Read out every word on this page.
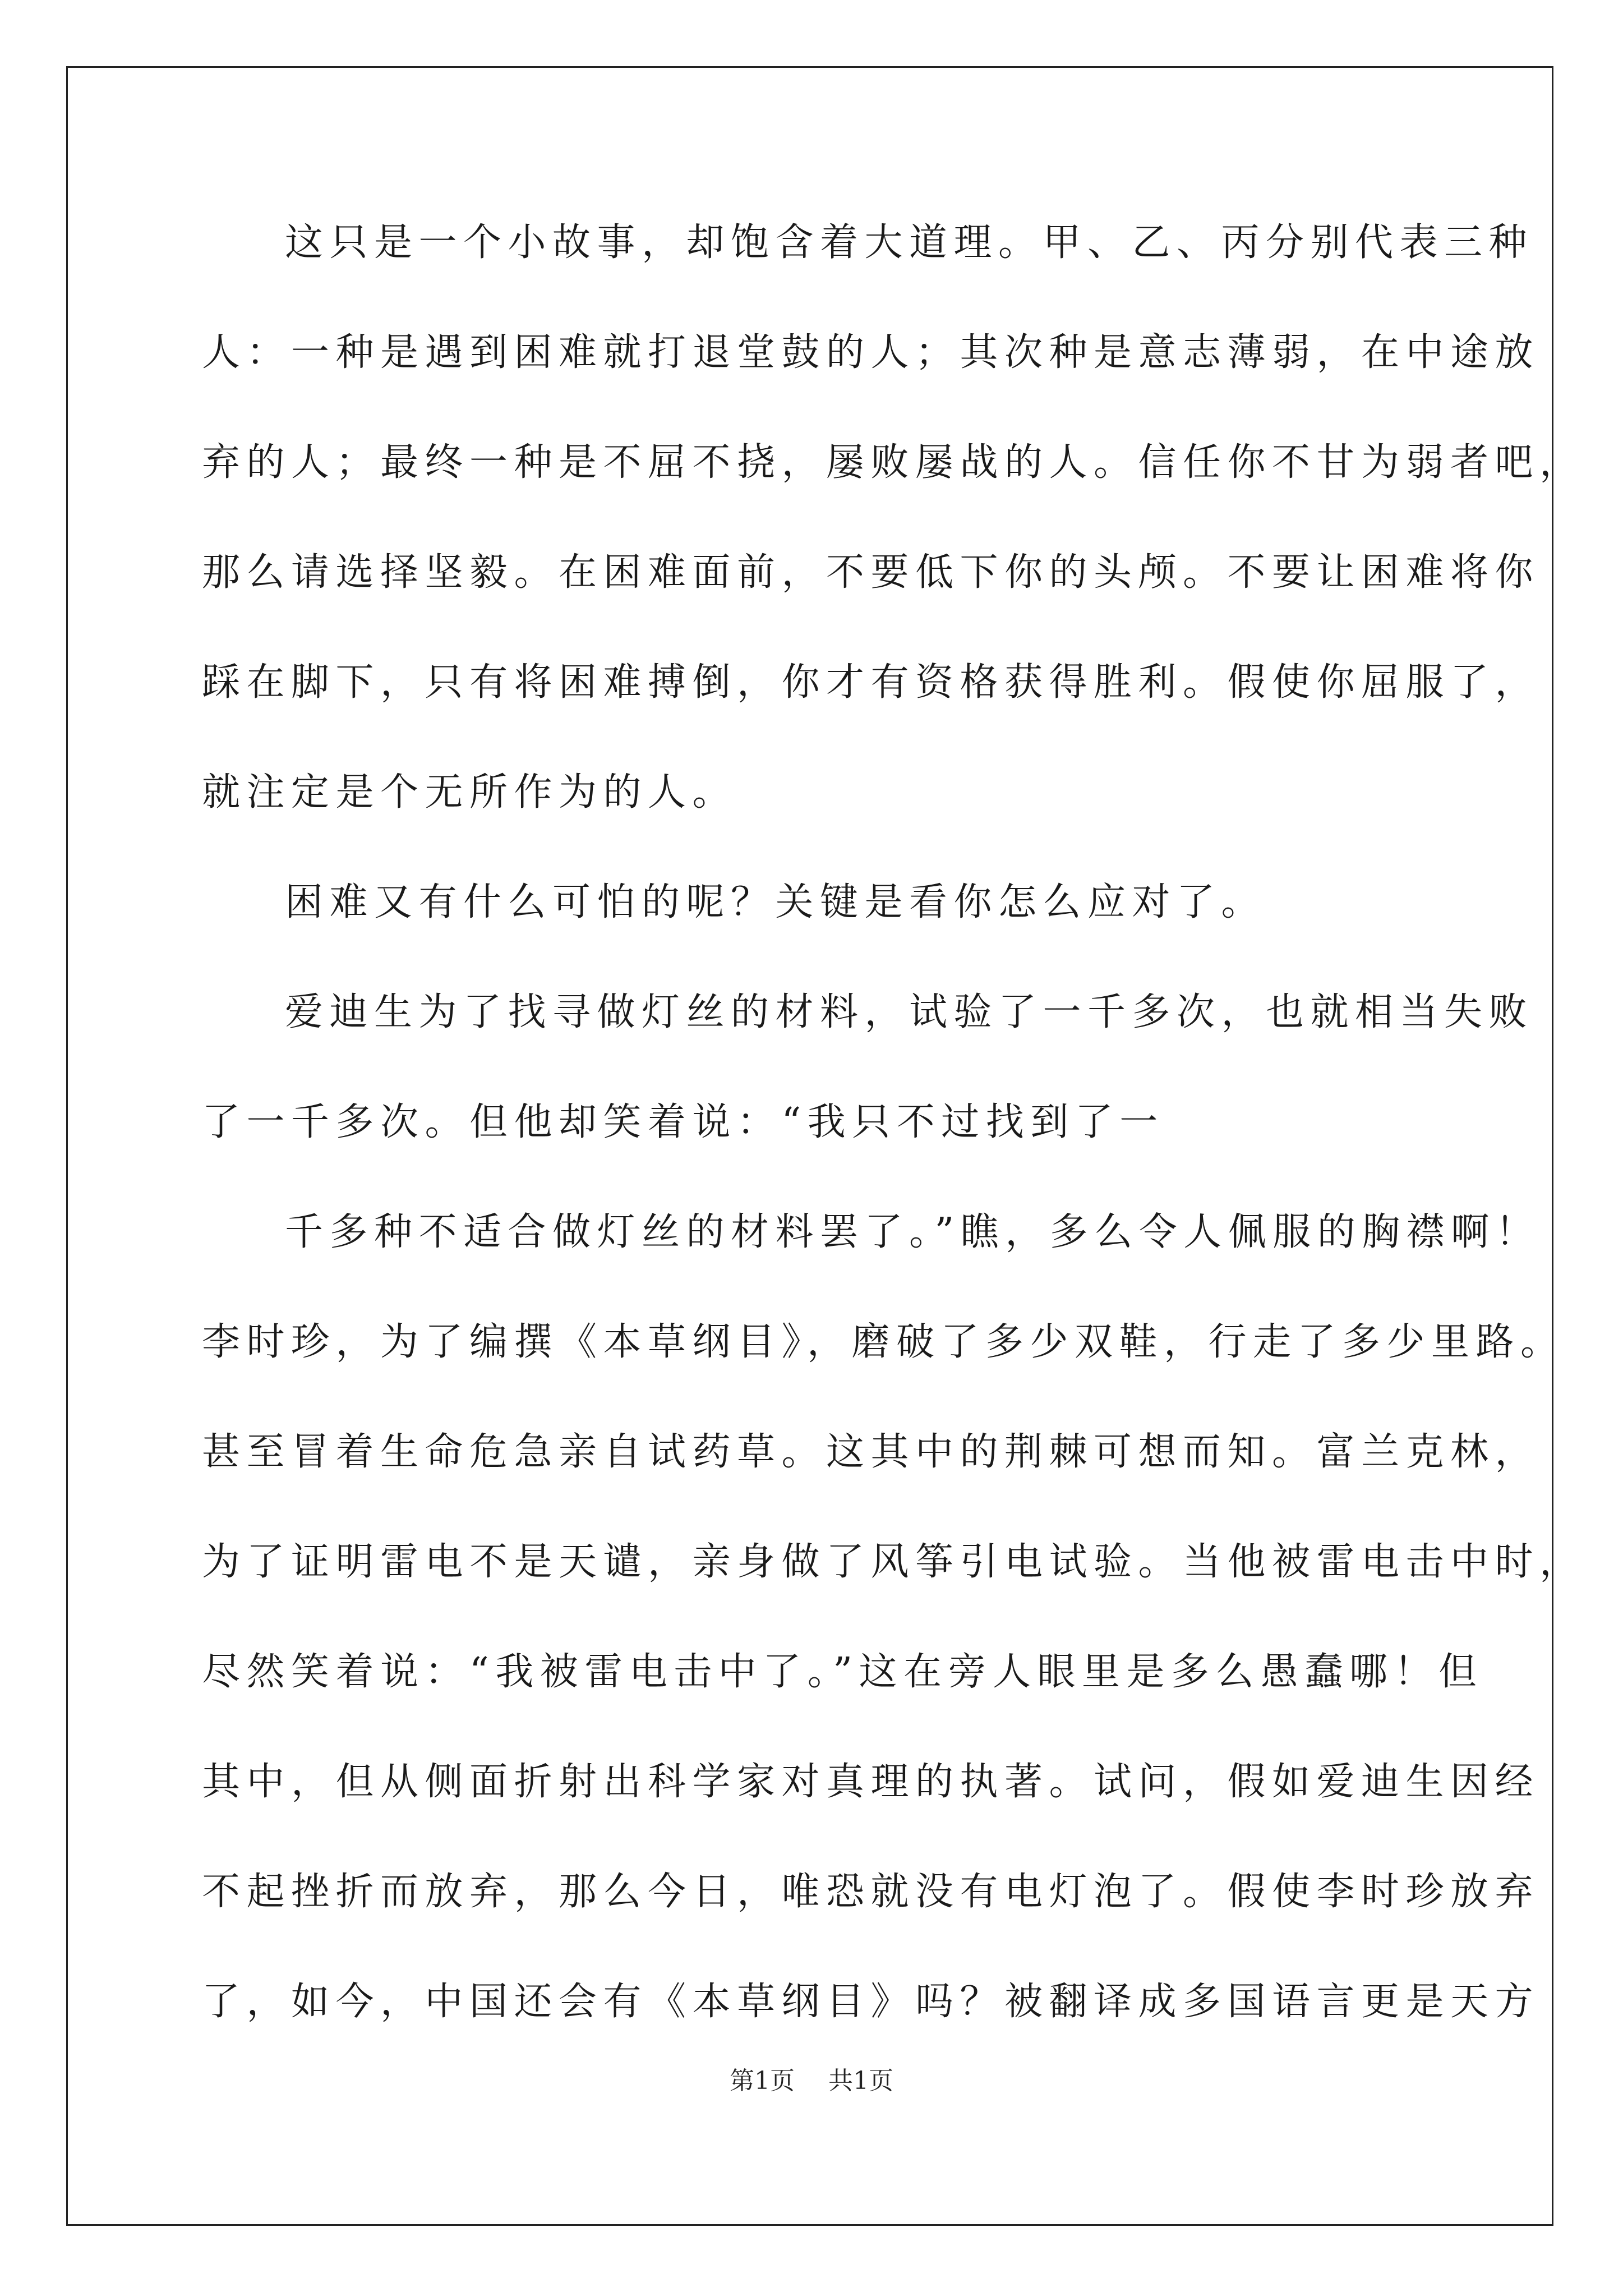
这只是一个小故事，却饱含着大道理。甲、乙、丙分别代表三种
人：一种是遇到困难就打退堂鼓的人；其次种是意志薄弱，在中途放
弃的人；最终一种是不屈不挠，屡败屡战的人。信任你不甘为弱者吧，
那么请选择坚毅。在困难面前，不要低下你的头颅。不要让困难将你
踩在脚下，只有将困难搏倒，你才有资格获得胜利。假使你屈服了，
就注定是个无所作为的人。
困难又有什么可怕的呢？关键是看你怎么应对了。
爱迪生为了找寻做灯丝的材料，试验了一千多次，也就相当失败
了一千多次。但他却笑着说：“我只不过找到了一
千多种不适合做灯丝的材料罢了。”瞧，多么令人佩服的胸襟啊！
李时珍，为了编撰《本草纲目》，磨破了多少双鞋，行走了多少里路。
甚至冒着生命危急亲自试药草。这其中的荆棘可想而知。富兰克林，
为了证明雷电不是天谴，亲身做了风筝引电试验。当他被雷电击中时，
尽然笑着说：“我被雷电击中了。”这在旁人眼里是多么愚蠢哪！但
其中，但从侧面折射出科学家对真理的执著。试问，假如爱迪生因经
不起挫折而放弃，那么今日，唯恐就没有电灯泡了。假使李时珍放弃
了，如今，中国还会有《本草纲目》吗？被翻译成多国语言更是天方
第1页 共1页
